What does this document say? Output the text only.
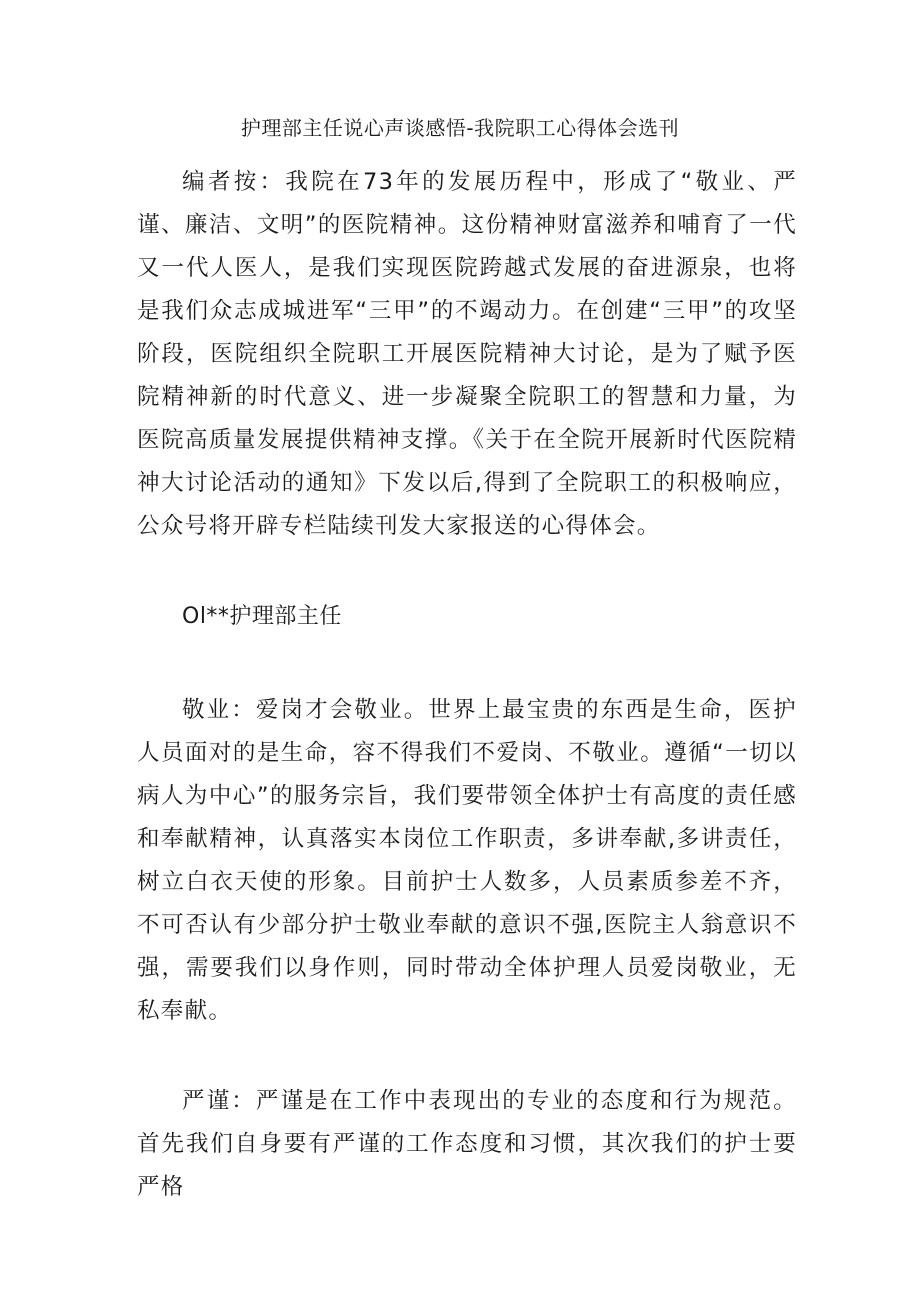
护理部主任说心声谈感悟-我院职工心得体会选刊

编者按：我院在73年的发展历程中，形成了“敬业、严谨、廉洁、文明”的医院精神。这份精神财富滋养和哺育了一代又一代人医人，是我们实现医院跨越式发展的奋进源泉，也将是我们众志成城进军“三甲”的不竭动力。在创建“三甲”的攻坚阶段，医院组织全院职工开展医院精神大讨论，是为了赋予医院精神新的时代意义、进一步凝聚全院职工的智慧和力量，为医院高质量发展提供精神支撑。《关于在全院开展新时代医院精神大讨论活动的通知》下发以后,得到了全院职工的积极响应，公众号将开辟专栏陆续刊发大家报送的心得体会。

Ol**护理部主任

敬业：爱岗才会敬业。世界上最宝贵的东西是生命，医护人员面对的是生命，容不得我们不爱岗、不敬业。遵循“一切以病人为中心”的服务宗旨，我们要带领全体护士有高度的责任感和奉献精神，认真落实本岗位工作职责，多讲奉献,多讲责任，树立白衣天使的形象。目前护士人数多，人员素质参差不齐，不可否认有少部分护士敬业奉献的意识不强,医院主人翁意识不强，需要我们以身作则，同时带动全体护理人员爱岗敬业，无私奉献。

严谨：严谨是在工作中表现出的专业的态度和行为规范。首先我们自身要有严谨的工作态度和习惯，其次我们的护士要严格
